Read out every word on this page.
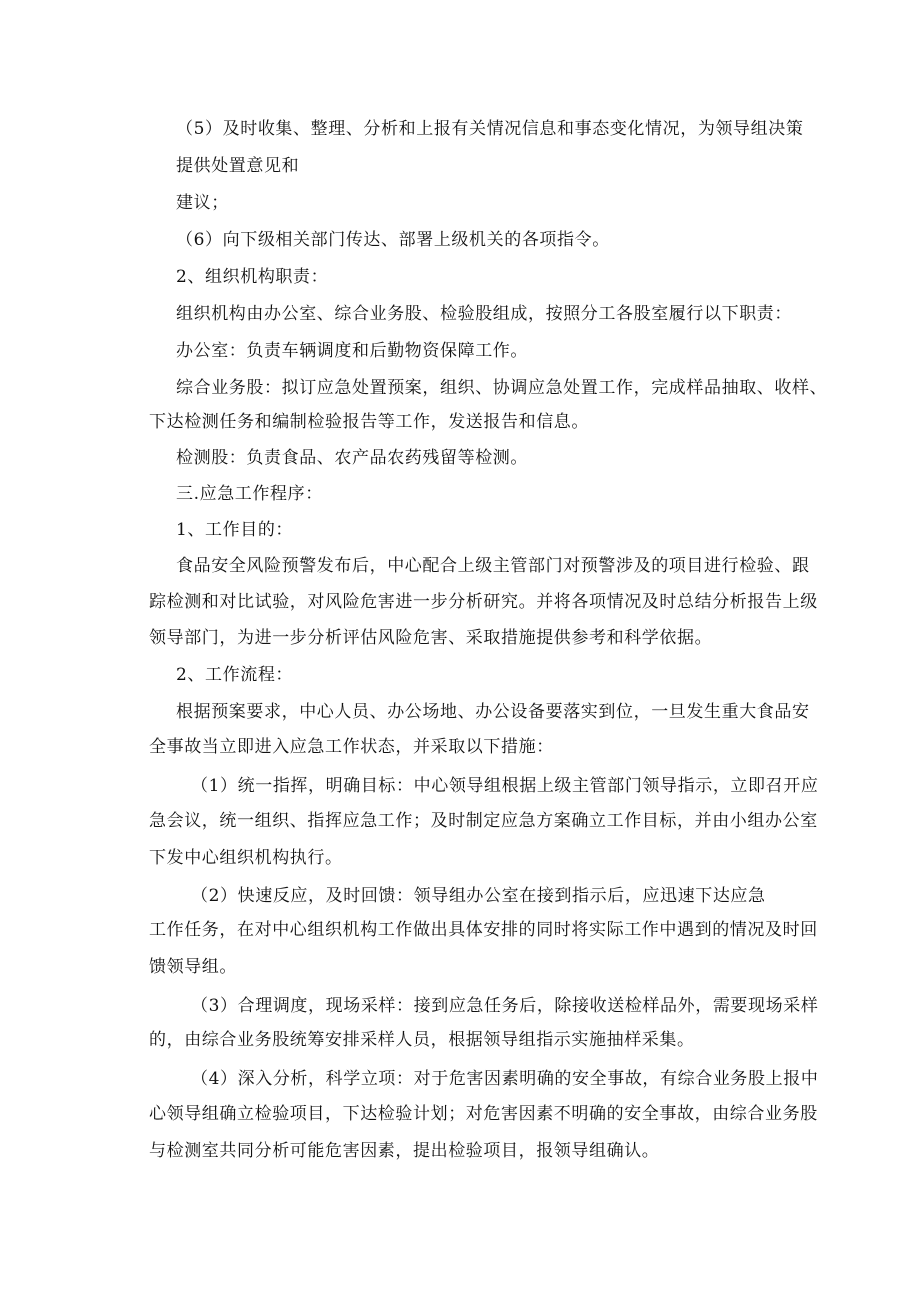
（5）及时收集、整理、分析和上报有关情况信息和事态变化情况，为领导组决策
提供处置意见和
建议；
（6）向下级相关部门传达、部署上级机关的各项指令。
2、组织机构职责：
组织机构由办公室、综合业务股、检验股组成，按照分工各股室履行以下职责：
办公室：负责车辆调度和后勤物资保障工作。
综合业务股：拟订应急处置预案，组织、协调应急处置工作，完成样品抽取、收样、
下达检测任务和编制检验报告等工作，发送报告和信息。
检测股：负责食品、农产品农药残留等检测。
三.应急工作程序：
1、工作目的：
食品安全风险预警发布后，中心配合上级主管部门对预警涉及的项目进行检验、跟
踪检测和对比试验，对风险危害进一步分析研究。并将各项情况及时总结分析报告上级
领导部门，为进一步分析评估风险危害、采取措施提供参考和科学依据。
2、工作流程：
根据预案要求，中心人员、办公场地、办公设备要落实到位，一旦发生重大食品安
全事故当立即进入应急工作状态，并采取以下措施：
（1）统一指挥，明确目标：中心领导组根据上级主管部门领导指示，立即召开应
急会议，统一组织、指挥应急工作；及时制定应急方案确立工作目标，并由小组办公室
下发中心组织机构执行。
（2）快速反应，及时回馈：领导组办公室在接到指示后，应迅速下达应急
工作任务，在对中心组织机构工作做出具体安排的同时将实际工作中遇到的情况及时回
馈领导组。
（3）合理调度，现场采样：接到应急任务后，除接收送检样品外，需要现场采样
的，由综合业务股统筹安排采样人员，根据领导组指示实施抽样采集。
（4）深入分析，科学立项：对于危害因素明确的安全事故，有综合业务股上报中
心领导组确立检验项目，下达检验计划；对危害因素不明确的安全事故，由综合业务股
与检测室共同分析可能危害因素，提出检验项目，报领导组确认。
